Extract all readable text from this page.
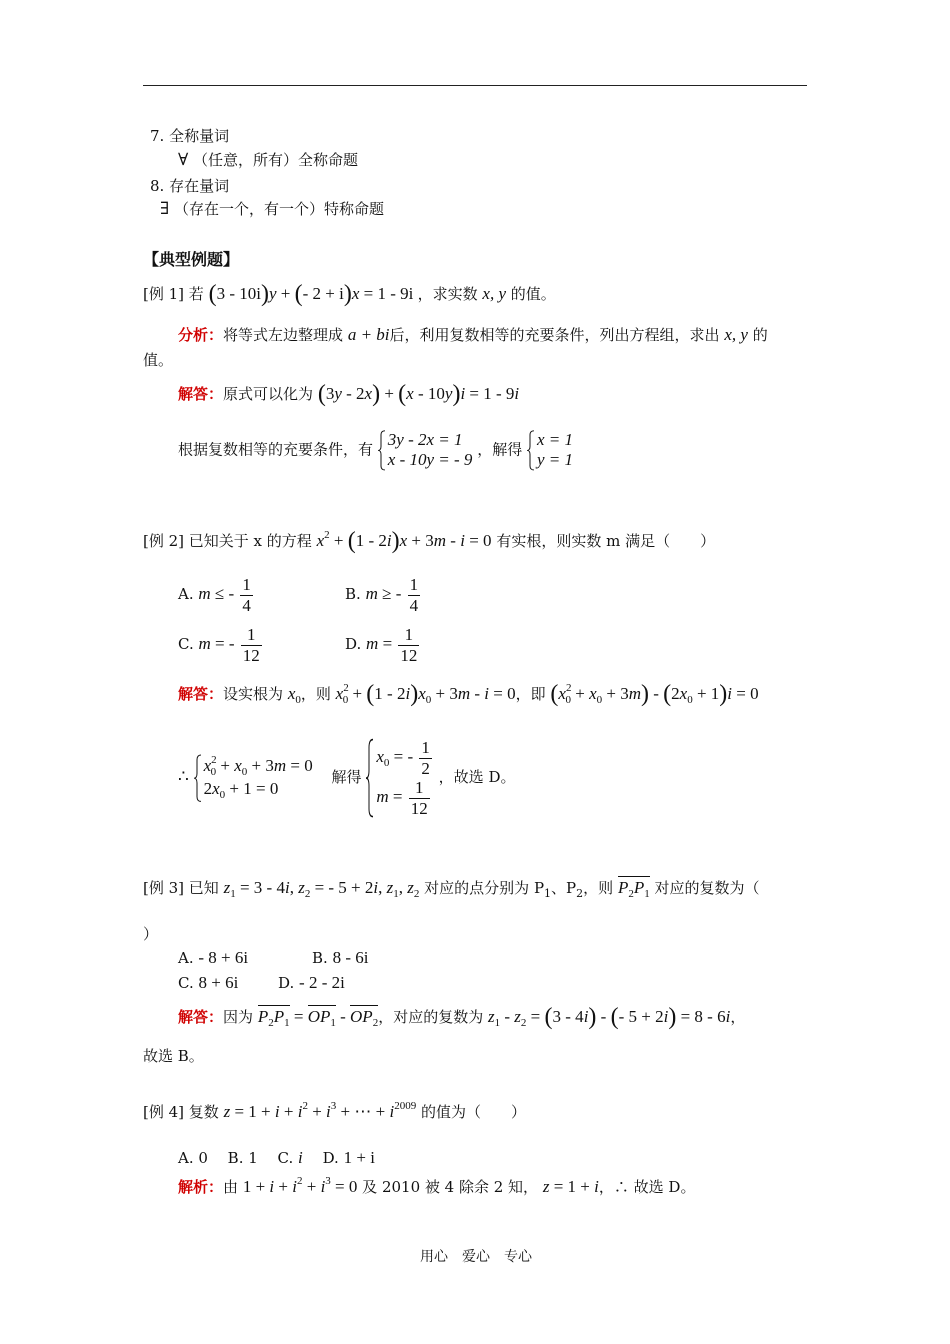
7. 全称量词
∀ （任意，所有）全称命题
8. 存在量词
∃ （存在一个，有一个）特称命题
【典型例题】
[例 1] 若 (3 - 10i)y + (- 2 + i)x = 1 - 9i ，求实数 x, y 的值。
分析：将等式左边整理成 a + bi后，利用复数相等的充要条件，列出方程组，求出 x, y 的
值。
解答：原式可以化为 (3y - 2x) + (x - 10y)i = 1 - 9i
根据复数相等的充要条件，有
3y - 2x = 1
x - 10y = - 9
，解得
x = 1
y = 1
[例 2] 已知关于 x 的方程 $x^2 + (1 - 2i)x + 3m - i = 0$ 有实根，则实数 m 满足（　　）
A. m ≤ - $\frac{1}{4}$	B. m ≥ - $\frac{1}{4}$
C. m = - $\frac{1}{12}$	D. $m = \frac{1}{12}$
解答：设实根为 $x_0$，则 $x^2_0 + (1 - 2i)x_0 + 3m - i = 0$，即 $(x^2_0 + x_0 + 3m) - (2x_0 + 1)i = 0$
∴
$x^2_0 + x_0 + 3m = 0$
$2x_0 + 1 = 0$
解得
$x_0$ = - $\frac{1}{2}$
$m = \frac{1}{12}$
，故选 D。
[例 3] 已知 $z_1 = 3 - 4i$, $z_2$ = - 5 + 2i, $z_1$, $z_2$ 对应的点分别为 $P_1$、$P_2$，则 $P_2P_1$ 对应的复数为（
）
A. - 8 + 6i	B. 8 - 6i
C. 8 + 6i	D. - 2 - 2i
解答：因为 $P_2P_1 = OP_1 - OP_2$，对应的复数为 $z_1 - z_2 = (3 - 4i)$ - (- 5 + 2i) = 8 - 6i，
故选 B。
[例 4] 复数 $z = 1 + i + i^2 + i^3$ + ⋯ + $i^{2009}$ 的值为（　　）
A. 0　 B. 1　 C. i　 D. 1 + i
解析：由 $1 + i + i^2 + i^3 = 0$ 及 2010 被 4 除余 2 知， z = 1 + i，∴ 故选 D。
用心　爱心　专心
